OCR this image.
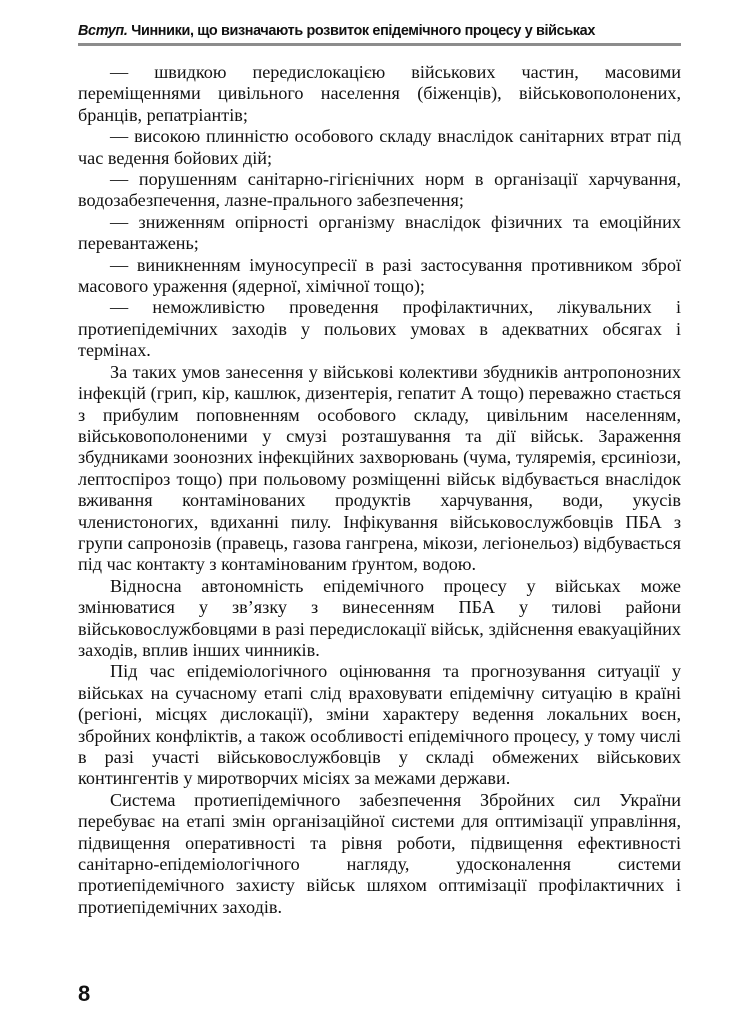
Вступ. Чинники, що визначають розвиток епідемічного процесу у військах

— швидкою передислокацією військових частин, масовими переміщеннями цивільного населення (біженців), військовополонених, бранців, репатріантів;

— високою плинністю особового складу внаслідок санітарних втрат під час ведення бойових дій;

— порушенням санітарно-гігієнічних норм в організації харчування, водозабезпечення, лазне-прального забезпечення;

— зниженням опірності організму внаслідок фізичних та емоційних перевантажень;

— виникненням імуносупресії в разі застосування противником зброї масового ураження (ядерної, хімічної тощо);

— неможливістю проведення профілактичних, лікувальних і протиепідемічних заходів у польових умовах в адекватних обсягах і термінах.

За таких умов занесення у військові колективи збудників антропонозних інфекцій (грип, кір, кашлюк, дизентерія, гепатит А тощо) переважно стається з прибулим поповненням особового складу, цивільним населенням, військовополоненими у смузі розташування та дії військ. Зараження збудниками зоонозних інфекційних захворювань (чума, туляремія, єрсиніози, лептоспіроз тощо) при польовому розміщенні військ відбувається внаслідок вживання контамінованих продуктів харчування, води, укусів членистоногих, вдиханні пилу. Інфікування військовослужбовців ПБА з групи сапронозів (правець, газова гангрена, мікози, легіонельоз) відбувається під час контакту з контамінованим ґрунтом, водою.

Відносна автономність епідемічного процесу у військах може змінюватися у зв’язку з винесенням ПБА у тилові райони військовослужбовцями в разі передислокації військ, здійснення евакуаційних заходів, вплив інших чинників.

Під час епідеміологічного оцінювання та прогнозування ситуації у військах на сучасному етапі слід враховувати епідемічну ситуацію в країні (регіоні, місцях дислокації), зміни характеру ведення локальних воєн, збройних конфліктів, а також особливості епідемічного процесу, у тому числі в разі участі військовослужбовців у складі обмежених військових контингентів у миротворчих місіях за межами держави.

Система протиепідемічного забезпечення Збройних сил України перебуває на етапі змін організаційної системи для оптимізації управління, підвищення оперативності та рівня роботи, підвищення ефективності санітарно-епідеміологічного нагляду, удосконалення системи протиепідемічного захисту військ шляхом оптимізації профілактичних і протиепідемічних заходів.

8
